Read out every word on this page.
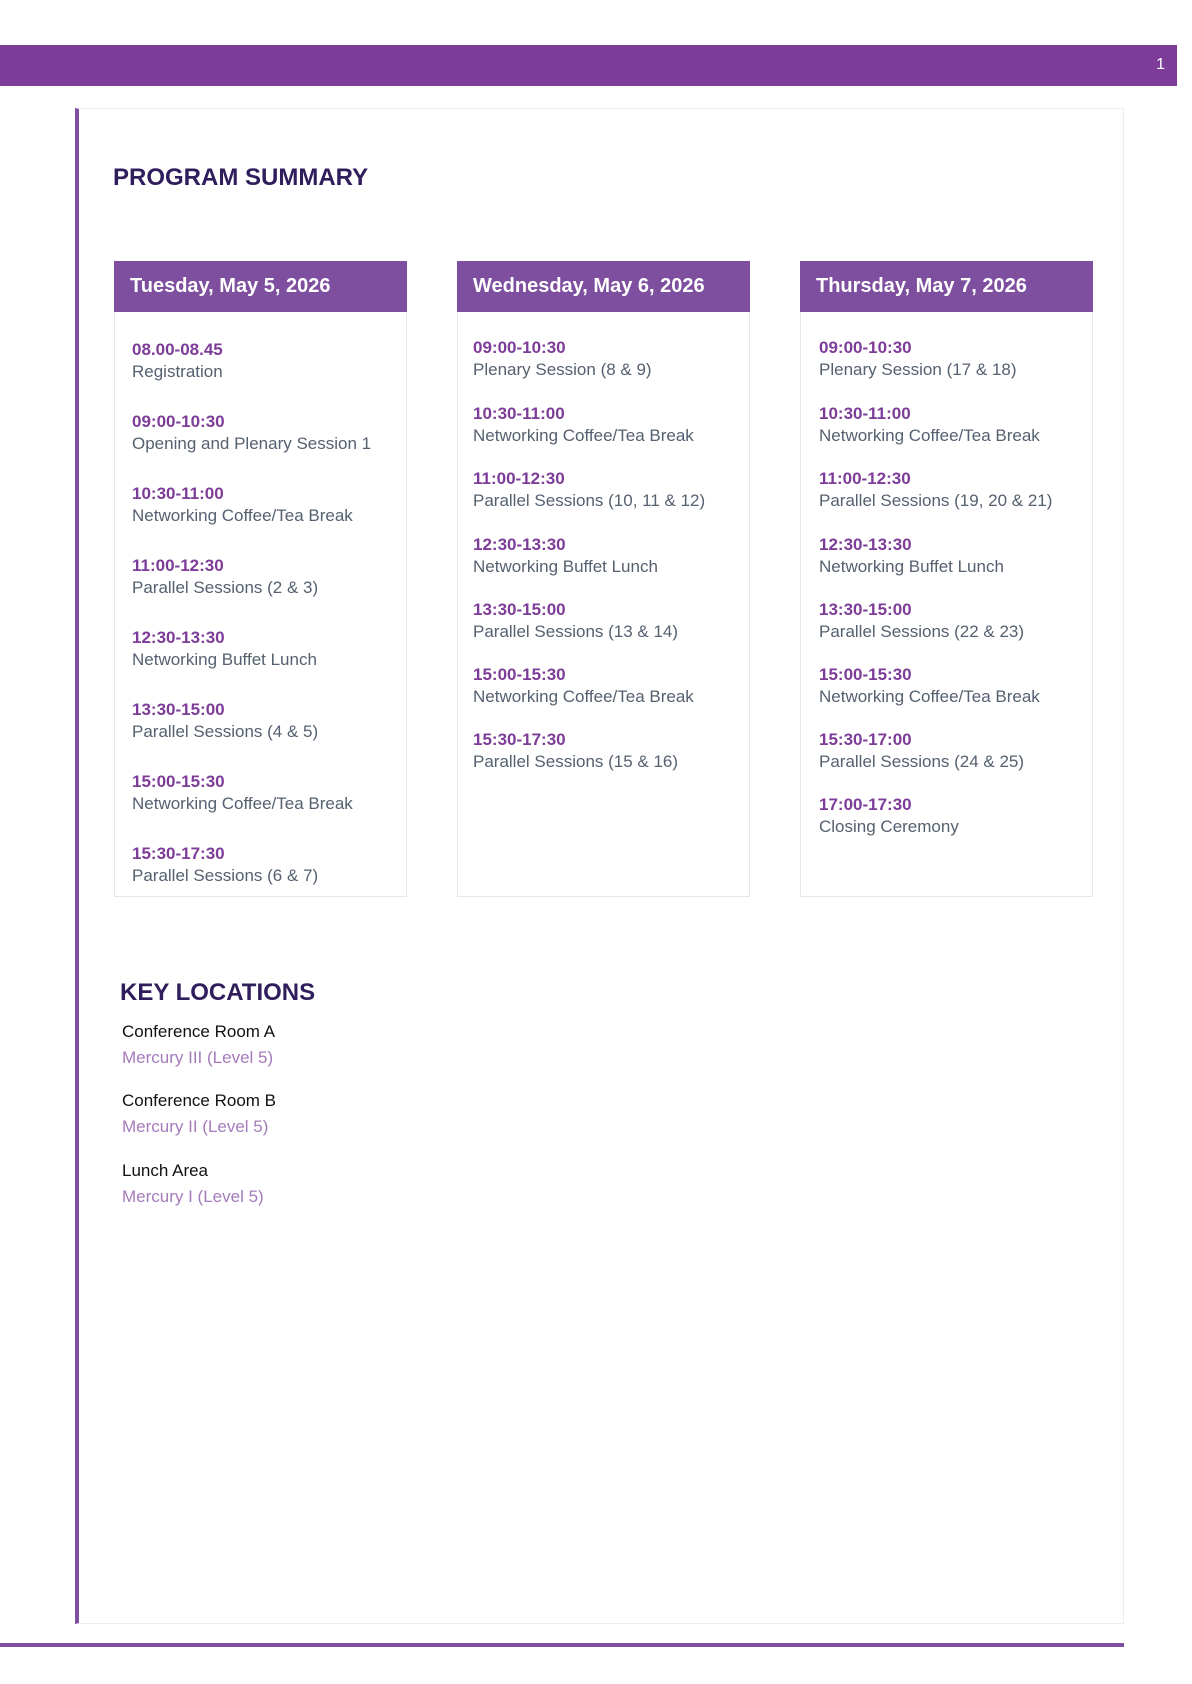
1
PROGRAM SUMMARY
Tuesday, May 5, 2026
08.00-08.45
Registration
09:00-10:30
Opening and Plenary Session 1
10:30-11:00
Networking Coffee/Tea Break
11:00-12:30
Parallel Sessions (2 & 3)
12:30-13:30
Networking Buffet Lunch
13:30-15:00
Parallel Sessions (4 & 5)
15:00-15:30
Networking Coffee/Tea Break
15:30-17:30
Parallel Sessions (6 & 7)
Wednesday, May 6, 2026
09:00-10:30
Plenary Session (8 & 9)
10:30-11:00
Networking Coffee/Tea Break
11:00-12:30
Parallel Sessions (10, 11 & 12)
12:30-13:30
Networking Buffet Lunch
13:30-15:00
Parallel Sessions (13 & 14)
15:00-15:30
Networking Coffee/Tea Break
15:30-17:30
Parallel Sessions (15 & 16)
Thursday, May 7, 2026
09:00-10:30
Plenary Session (17 & 18)
10:30-11:00
Networking Coffee/Tea Break
11:00-12:30
Parallel Sessions (19, 20 & 21)
12:30-13:30
Networking Buffet Lunch
13:30-15:00
Parallel Sessions (22 & 23)
15:00-15:30
Networking Coffee/Tea Break
15:30-17:00
Parallel Sessions (24 & 25)
17:00-17:30
Closing Ceremony
KEY LOCATIONS
Conference Room A
Mercury III (Level 5)
Conference Room B
Mercury II (Level 5)
Lunch Area
Mercury I (Level 5)
